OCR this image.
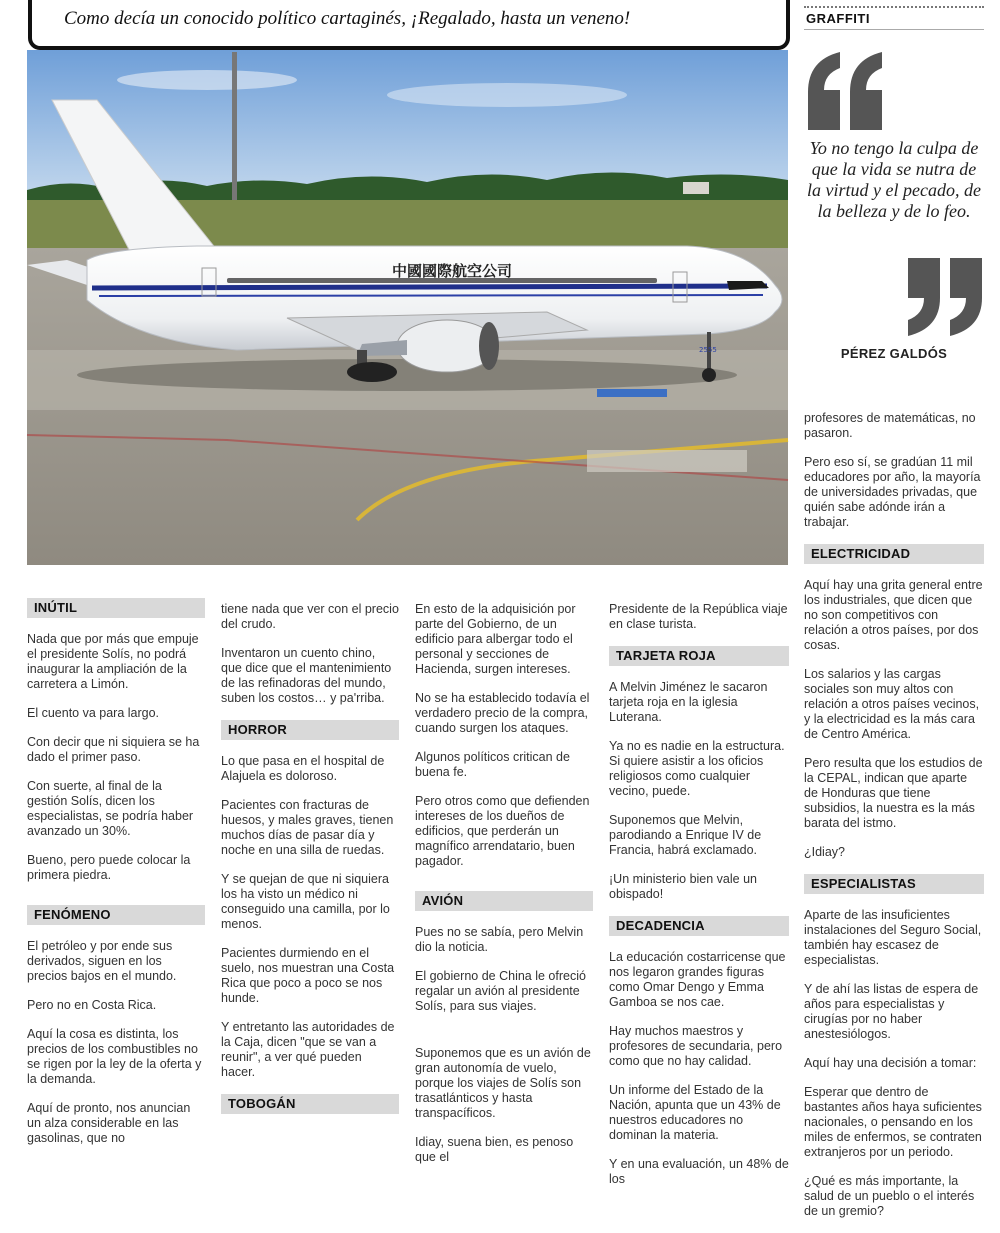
Como decía un conocido político cartaginés, ¡Regalado, hasta un veneno!

中國國際航空公司
2555
GRAFFITI
Yo no tengo la culpa de que la vida se nutra de la virtud y el pecado, de la belleza y de lo feo.
PÉREZ GALDÓS
INÚTIL

Nada que por más que empuje el presidente Solís, no podrá inaugurar la ampliación de la carretera a Limón.

El cuento va para largo.

Con decir que ni siquiera se ha dado el primer paso.

Con suerte, al final de la gestión Solís, dicen los especialistas, se podría haber avanzado un 30%.

Bueno, pero puede colocar la primera piedra.

FENÓMENO

El petróleo y por ende sus derivados, siguen en los precios bajos en el mundo.

Pero no en Costa Rica.

Aquí la cosa es distinta, los precios de los combustibles no se rigen por la ley de la oferta y la demanda.

Aquí de pronto, nos anuncian un alza considerable en las gasolinas, que no

tiene nada que ver con el precio del crudo.

Inventaron un cuento chino, que dice que el mantenimiento de las refinadoras del mundo, suben los costos… y pa'rriba.

HORROR

Lo que pasa en el hospital de Alajuela es doloroso.

Pacientes con fracturas de huesos, y males graves, tienen muchos días de pasar día y noche en una silla de ruedas.

Y se quejan de que ni siquiera los ha visto un médico ni conseguido una camilla, por lo menos.

Pacientes durmiendo en el suelo, nos muestran una Costa Rica que poco a poco se nos hunde.

Y entretanto las autoridades de la Caja, dicen "que se van a reunir", a ver qué pueden hacer.

TOBOGÁN

En esto de la adquisición por parte del Gobierno, de un edificio para albergar todo el personal y secciones de Hacienda, surgen intereses.

No se ha establecido todavía el verdadero precio de la compra, cuando surgen los ataques.

Algunos políticos critican de buena fe.

Pero otros como que defienden intereses de los dueños de edificios, que perderán un magnífico arrendatario, buen pagador.

AVIÓN

Pues no se sabía, pero Melvin dio la noticia.

El gobierno de China le ofreció regalar un avión al presidente Solís, para sus viajes.

Suponemos que es un avión de gran autonomía de vuelo, porque los viajes de Solís son trasatlánticos y hasta transpacíficos.

Idiay, suena bien, es penoso que el

Presidente de la República viaje en clase turista.

TARJETA ROJA

A Melvin Jiménez le sacaron tarjeta roja en la iglesia Luterana.

Ya no es nadie en la estructura. Si quiere asistir a los oficios religiosos como cualquier vecino, puede.

Suponemos que Melvin, parodiando a Enrique IV de Francia, habrá exclamado.

¡Un ministerio bien vale un obispado!

DECADENCIA

La educación costarricense que nos legaron grandes figuras como Omar Dengo y Emma Gamboa se nos cae.

Hay muchos maestros y profesores de secundaria, pero como que no hay calidad.

Un informe del Estado de la Nación, apunta que un 43% de nuestros educadores no dominan la materia.

Y en una evaluación, un 48% de los

profesores de matemáticas, no pasaron.

Pero eso sí, se gradúan 11 mil educadores por año, la mayoría de universidades privadas, que quién sabe adónde irán a trabajar.

ELECTRICIDAD

Aquí hay una grita general entre los industriales, que dicen que no son competitivos con relación a otros países, por dos cosas.

Los salarios y las cargas sociales son muy altos con relación a otros países vecinos, y la electricidad es la más cara de Centro América.

Pero resulta que los estudios de la CEPAL, indican que aparte de Honduras que tiene subsidios, la nuestra es la más barata del istmo.

¿Idiay?

ESPECIALISTAS

Aparte de las insuficientes instalaciones del Seguro Social, también hay escasez de especialistas.

Y de ahí las listas de espera de años para especialistas y cirugías por no haber anestesiólogos.

Aquí hay una decisión a tomar:

Esperar que dentro de bastantes años haya suficientes nacionales, o pensando en los miles de enfermos, se contraten extranjeros por un periodo.

¿Qué es más importante, la salud de un pueblo o el interés de un gremio?
